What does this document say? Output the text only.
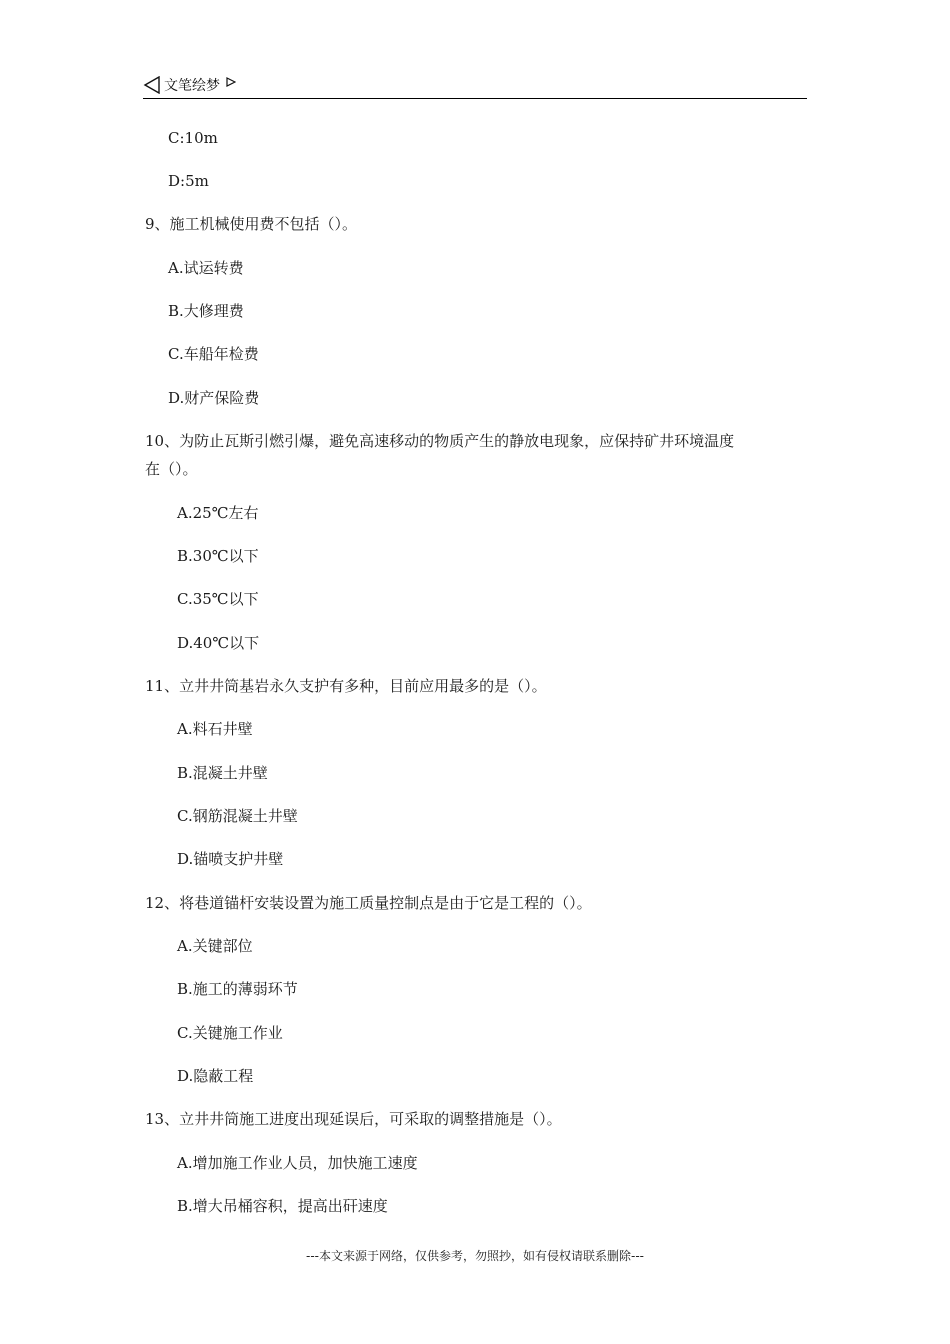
文笔绘梦
C:10m
D:5m
9、施工机械使用费不包括（）。
A.试运转费
B.大修理费
C.车船年检费
D.财产保险费
10、为防止瓦斯引燃引爆，避免高速移动的物质产生的静放电现象，应保持矿井环境温度
在（）。
A.25℃左右
B.30℃以下
C.35℃以下
D.40℃以下
11、立井井筒基岩永久支护有多种，目前应用最多的是（）。
A.料石井壁
B.混凝土井壁
C.钢筋混凝土井壁
D.锚喷支护井壁
12、将巷道锚杆安装设置为施工质量控制点是由于它是工程的（）。
A.关键部位
B.施工的薄弱环节
C.关键施工作业
D.隐蔽工程
13、立井井筒施工进度出现延误后，可采取的调整措施是（）。
A.增加施工作业人员，加快施工速度
B.增大吊桶容积，提高出矸速度
---本文来源于网络，仅供参考，勿照抄，如有侵权请联系删除---
